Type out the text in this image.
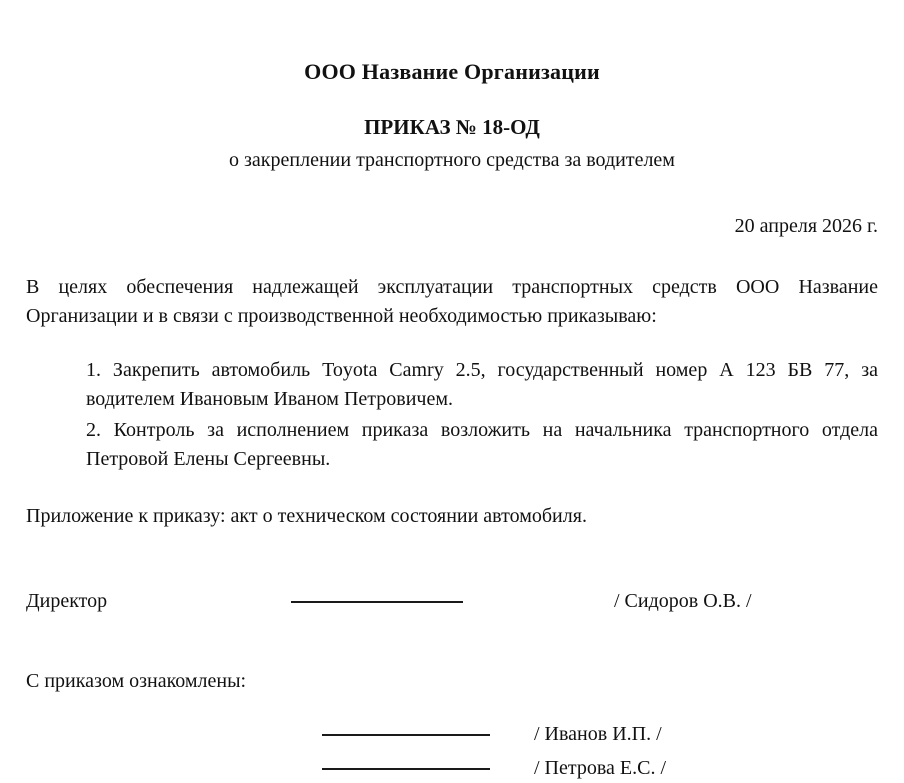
ООО Название Организации
ПРИКАЗ № 18-ОД

о закреплении транспортного средства за водителем

20 апреля 2026 г.

В целях обеспечения надлежащей эксплуатации транспортных средств ООО Название Организации и в связи с производственной необходимостью приказываю:

1. Закрепить автомобиль Toyota Camry 2.5, государственный номер А 123 БВ 77, за водителем Ивановым Иваном Петровичем.

2. Контроль за исполнением приказа возложить на начальника транспортного отдела Петровой Елены Сергеевны.

Приложение к приказу: акт о техническом состоянии автомобиля.

Директор	/ Сидоров О.В. /

С приказом ознакомлены:

/ Иванов И.П. /
/ Петрова Е.С. /
